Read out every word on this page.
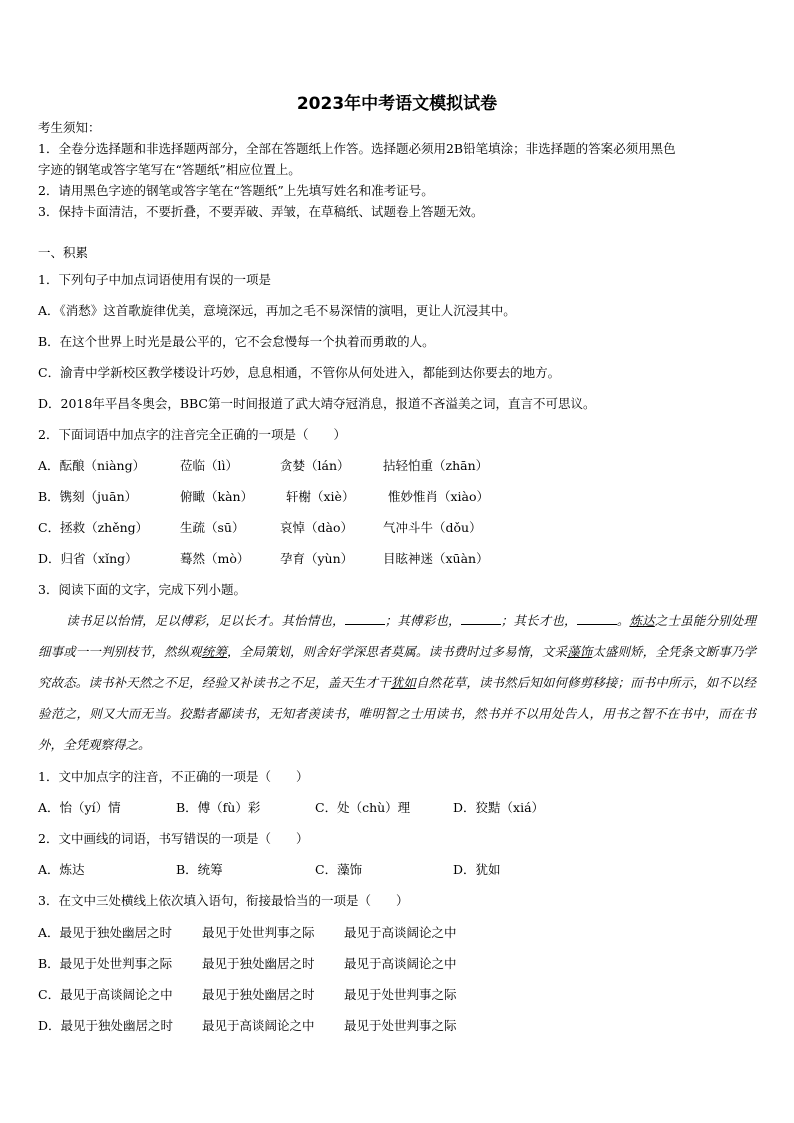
2023年中考语文模拟试卷
考生须知：
1．全卷分选择题和非选择题两部分，全部在答题纸上作答。选择题必须用2B铅笔填涂；非选择题的答案必须用黑色
字迹的钢笔或答字笔写在“答题纸”相应位置上。
2．请用黑色字迹的钢笔或答字笔在“答题纸”上先填写姓名和准考证号。
3．保持卡面清洁，不要折叠，不要弄破、弄皱，在草稿纸、试题卷上答题无效。
一、积累
1．下列句子中加点词语使用有误的一项是
A．《消愁》这首歌旋律优美，意境深远，再加之毛不易深情的演唱，更让人沉浸其中。
B．在这个世界上时光是最公平的，它不会怠慢每一个执着而勇敢的人。
C．渝青中学新校区教学楼设计巧妙，息息相通，不管你从何处进入，都能到达你要去的地方。
D．2018年平昌冬奥会，BBC第一时间报道了武大靖夺冠消息，报道不吝溢美之词，直言不可思议。
2．下面词语中加点字的注音完全正确的一项是（　　）
A．酝酿（niàng）	莅临（lì）	贪婪（lán）	拈轻怕重（zhān）
B．镌刻（juān）	俯瞰（kàn）	轩榭（xiè）	惟妙惟肖（xiào）
C．拯救（zhěng）	生疏（sū）	哀悼（dào） 气冲斗牛（dǒu）
D．归省（xǐng）	蓦然（mò） 孕育（yùn） 目眩神迷（xūàn）
3．阅读下面的文字，完成下列小题。
读书足以怡情，足以傅彩，足以长才。其怡情也，	；其傅彩也，	；其长才也，	。炼达之士虽能分别处理细事或一一判别枝节，然纵观统筹，全局策划，则舍好学深思者莫属。读书费时过多易惰，文采藻饰太盛则矫，全凭条文断事乃学究故态。读书补天然之不足，经验又补读书之不足，盖天生才干犹如自然花草，读书然后知如何修剪移接；而书中所示，如不以经验范之，则又大而无当。狡黠者鄙读书，无知者羡读书，唯明智之士用读书，然书并不以用处告人，用书之智不在书中，而在书外，全凭观察得之。
1．文中加点字的注音，不正确的一项是（　　）
A．怡（yí）情	B．傅（fù）彩	C．处（chù）理	D．狡黠（xiá）
2．文中画线的词语，书写错误的一项是（　　）
A．炼达	B．统筹	C．藻饰	D．犹如
3．在文中三处横线上依次填入语句，衔接最恰当的一项是（　　）
A．最见于独处幽居之时 最见于处世判事之际 最见于高谈阔论之中
B．最见于处世判事之际 最见于独处幽居之时 最见于高谈阔论之中
C．最见于高谈阔论之中 最见于独处幽居之时 最见于处世判事之际
D．最见于独处幽居之时 最见于高谈阔论之中 最见于处世判事之际
